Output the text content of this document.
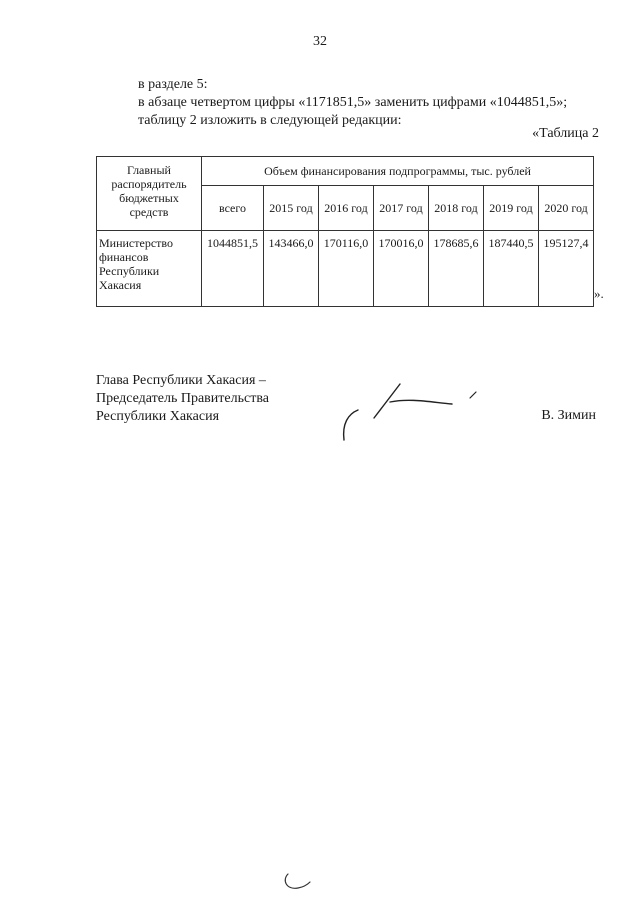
32
в разделе 5:
в абзаце четвертом цифры «1171851,5» заменить цифрами «1044851,5»;
таблицу 2 изложить в следующей редакции:
«Таблица 2
Главный распорядитель бюджетных средств	Объем финансирования подпрограммы, тыс. рублей						
	всего	2015 год	2016 год	2017 год	2018 год	2019 год	2020 год
Министерство финансов Республики Хакасия	1044851,5	143466,0	170116,0	170016,0	178685,6	187440,5	195127,4
».
Глава Республики Хакасия –
Председатель Правительства
Республики Хакасия	В. Зимин
